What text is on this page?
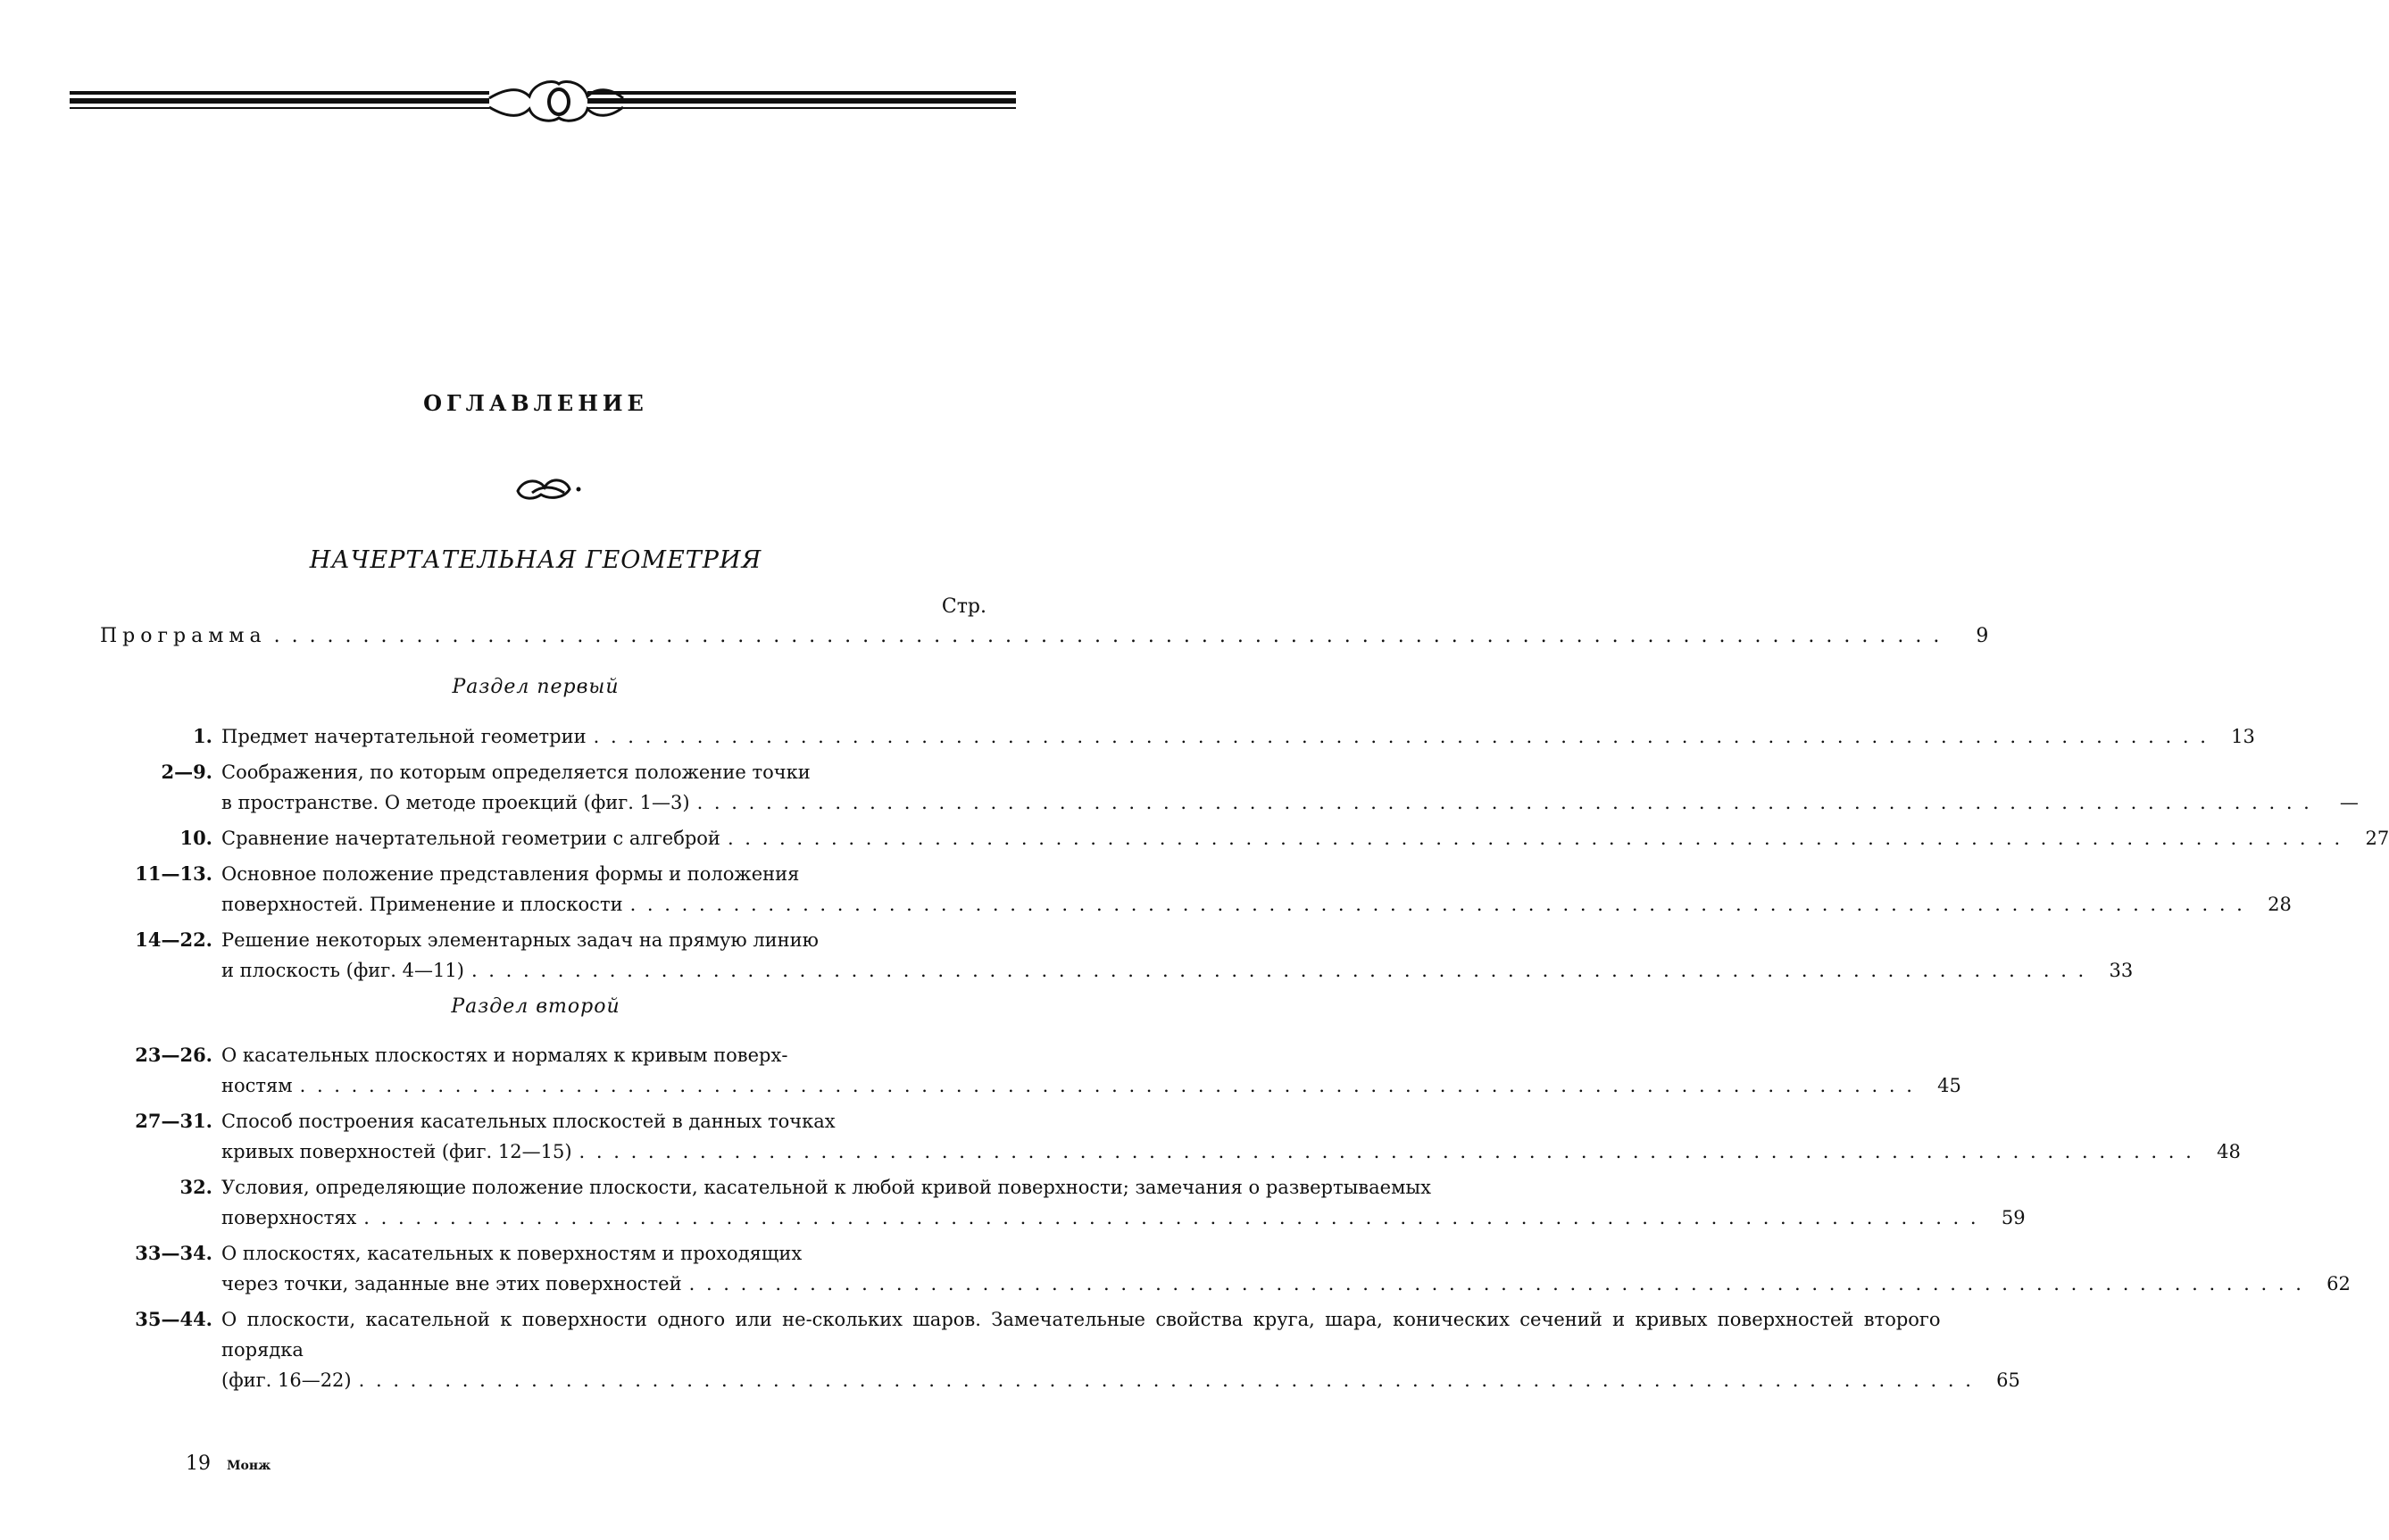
ОГЛАВЛЕНИЕ
НАЧЕРТАТЕЛЬНАЯ ГЕОМЕТРИЯ
Стр.
Программа
. . .	9
Раздел первый
1. Предмет начертательной геометрии
. . .	13
2—9. Соображения, по которым определяется положение точки
в пространстве. О методе проекций (фиг. 1—3)
. . .	—
10. Сравнение начертательной геометрии с алгеброй
. . .	27
11—13. Основное положение представления формы и положения
поверхностей. Применение и плоскости
. . .	28
14—22. Решение некоторых элементарных задач на прямую линию
и плоскость (фиг. 4—11)
. . .	33
Раздел второй
23—26. О касательных плоскостях и нормалях к кривым поверх-
ностям
. . .	45
27—31. Способ построения касательных плоскостей в данных точках
кривых поверхностей (фиг. 12—15)
. . .	48
32. Условия, определяющие положение плоскости, касательной к любой кривой поверхности; замечания о развертываемых
поверхностях
. . .	59
33—34. О плоскостях, касательных к поверхностям и проходящих
через точки, заданные вне этих поверхностей
. . .	62
35—44. О плоскости, касательной к поверхности одного или не-скольких шаров. Замечательные свойства круга, шара, конических сечений и кривых поверхностей второго порядка
(фиг. 16—22)
. . .	65
19 Монж
